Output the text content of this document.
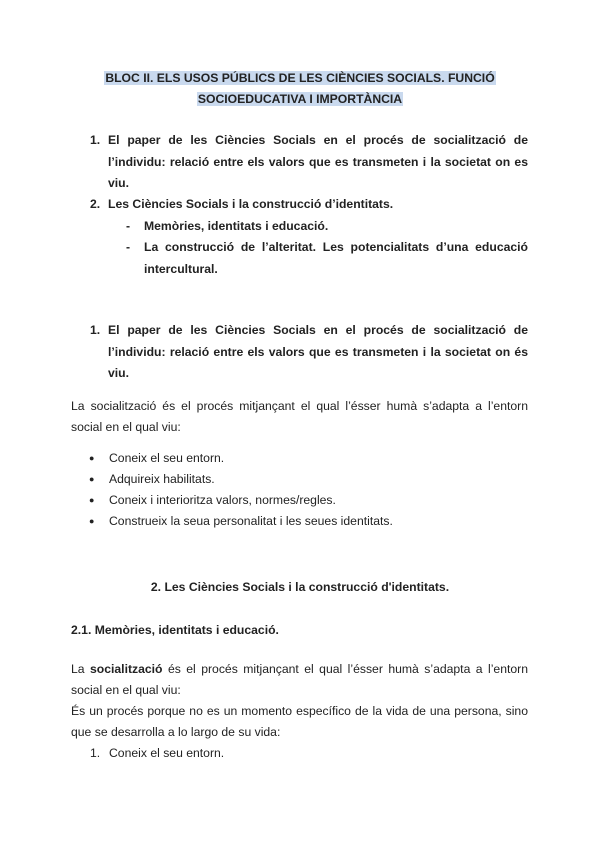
BLOC II. ELS USOS PÚBLICS DE LES CIÈNCIES SOCIALS. FUNCIÓ
SOCIOEDUCATIVA I IMPORTÀNCIA
1. El paper de les Ciències Socials en el procés de socialització de l’individu: relació entre els valors que es transmeten i la societat on es viu.
2. Les Ciències Socials i la construcció d’identitats.
- Memòries, identitats i educació.
- La construcció de l’alteritat. Les potencialitats d’una educació intercultural.
1. El paper de les Ciències Socials en el procés de socialització de l’individu: relació entre els valors que es transmeten i la societat on és viu.
La socialització és el procés mitjançant el qual l’ésser humà s’adapta a l’entorn social en el qual viu:
● Coneix el seu entorn.
● Adquireix habilitats.
● Coneix i interioritza valors, normes/regles.
● Construeix la seua personalitat i les seues identitats.
2. Les Ciències Socials i la construcció d'identitats.
2.1. Memòries, identitats i educació.
La socialització és el procés mitjançant el qual l’ésser humà s’adapta a l’entorn social en el qual viu:
És un procés porque no es un momento específico de la vida de una persona, sino que se desarrolla a lo largo de su vida:
1. Coneix el seu entorn.
